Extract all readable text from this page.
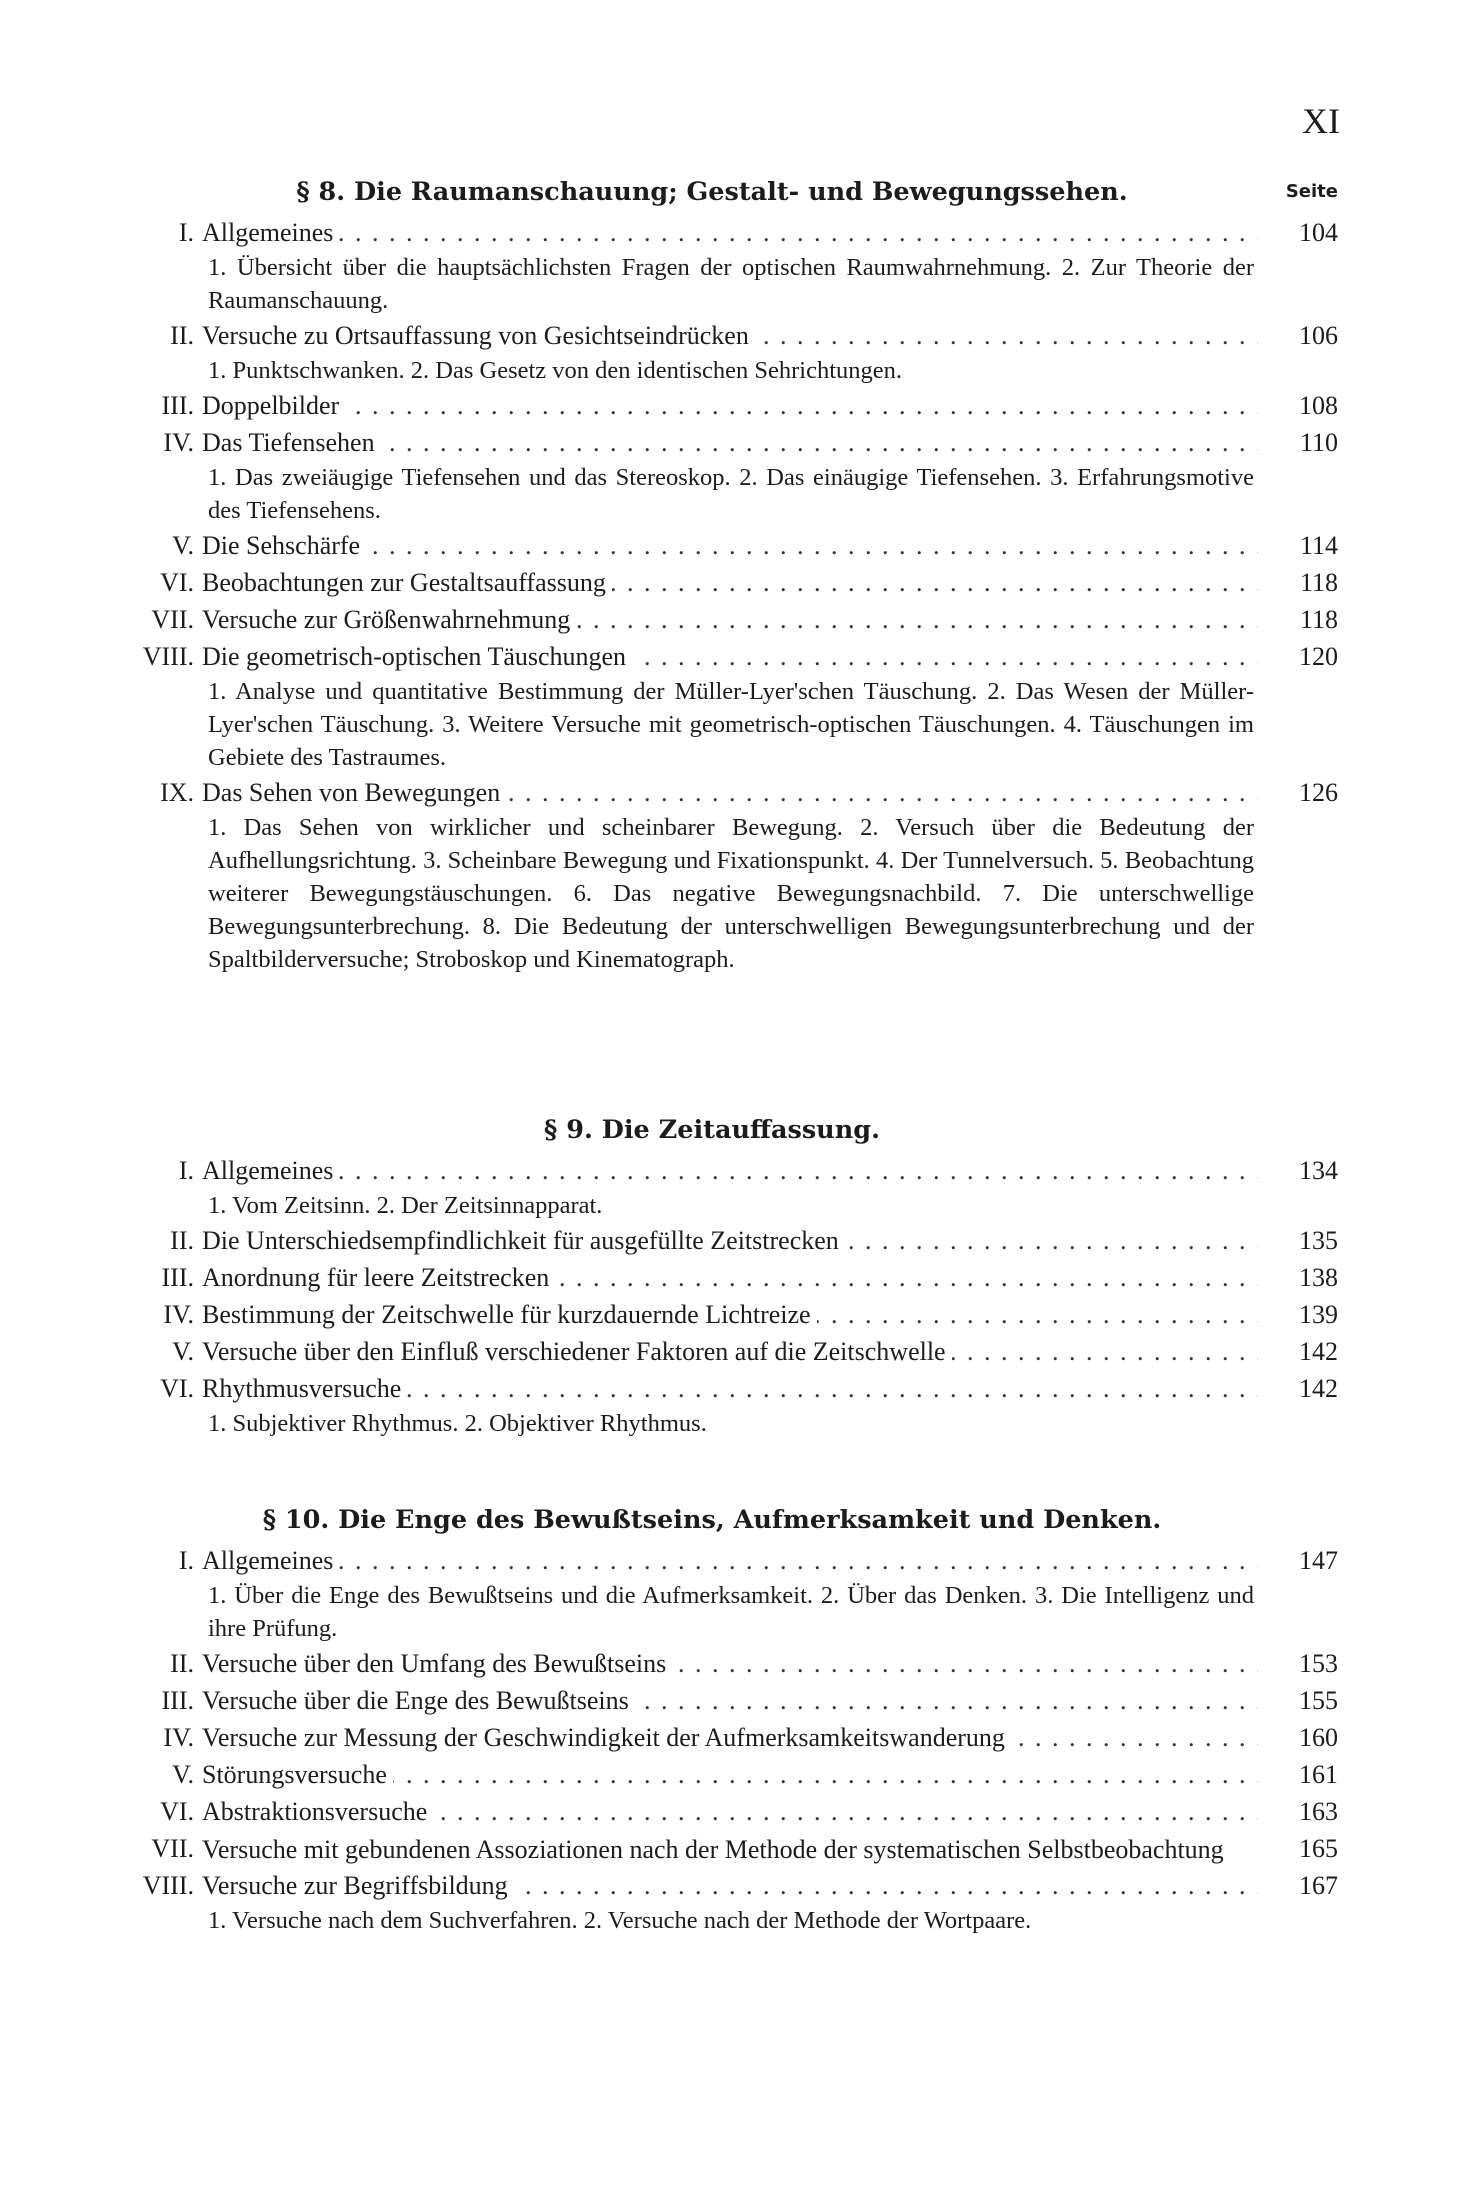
XI
§ 8. Die Raumanschauung; Gestalt- und Bewegungssehen.	Seite
I. Allgemeines . . .	104
1. Übersicht über die hauptsächlichsten Fragen der optischen Raumwahrnehmung. 2. Zur Theorie der Raumanschauung.
II. Versuche zu Ortsauffassung von Gesichtseindrücken . . .	106
1. Punktschwanken. 2. Das Gesetz von den identischen Sehrichtungen.
III. Doppelbilder . . .	108
IV. Das Tiefensehen . . .	110
1. Das zweiäugige Tiefensehen und das Stereoskop. 2. Das einäugige Tiefensehen. 3. Erfahrungsmotive des Tiefensehens.
V. Die Sehschärfe . . .	114
VI. Beobachtungen zur Gestaltsauffassung . . .	118
VII. Versuche zur Größenwahrnehmung . . .	118
VIII. Die geometrisch-optischen Täuschungen . . .	120
1. Analyse und quantitative Bestimmung der Müller-Lyer'schen Täuschung. 2. Das Wesen der Müller-Lyer'schen Täuschung. 3. Weitere Versuche mit geometrisch-optischen Täuschungen. 4. Täuschungen im Gebiete des Tastraumes.
IX. Das Sehen von Bewegungen . . .	126
1. Das Sehen von wirklicher und scheinbarer Bewegung. 2. Versuch über die Bedeutung der Aufhellungsrichtung. 3. Scheinbare Bewegung und Fixationspunkt. 4. Der Tunnelversuch. 5. Beobachtung weiterer Bewegungstäuschungen. 6. Das negative Bewegungsnachbild. 7. Die unterschwellige Bewegungsunterbrechung. 8. Die Bedeutung der unterschwelligen Bewegungsunterbrechung und der Spaltbilderversuche; Stroboskop und Kinematograph.
§ 9. Die Zeitauffassung.
I. Allgemeines . . .	134
1. Vom Zeitsinn. 2. Der Zeitsinnapparat.
II. Die Unterschiedsempfindlichkeit für ausgefüllte Zeitstrecken . . .	135
III. Anordnung für leere Zeitstrecken . . .	138
IV. Bestimmung der Zeitschwelle für kurzdauernde Lichtreize . . .	139
V. Versuche über den Einfluß verschiedener Faktoren auf die Zeitschwelle . . .	142
VI. Rhythmusversuche . . .	142
1. Subjektiver Rhythmus. 2. Objektiver Rhythmus.
§ 10. Die Enge des Bewußtseins, Aufmerksamkeit und Denken.
I. Allgemeines . . .	147
1. Über die Enge des Bewußtseins und die Aufmerksamkeit. 2. Über das Denken. 3. Die Intelligenz und ihre Prüfung.
II. Versuche über den Umfang des Bewußtseins . . .	153
III. Versuche über die Enge des Bewußtseins . . .	155
IV. Versuche zur Messung der Geschwindigkeit der Aufmerksamkeitswanderung . . .	160
V. Störungsversuche . . .	161
VI. Abstraktionsversuche . . .	163
VII. Versuche mit gebundenen Assoziationen nach der Methode der systematischen Selbstbeobachtung	165
VIII. Versuche zur Begriffsbildung . . .	167
1. Versuche nach dem Suchverfahren. 2. Versuche nach der Methode der Wortpaare.
